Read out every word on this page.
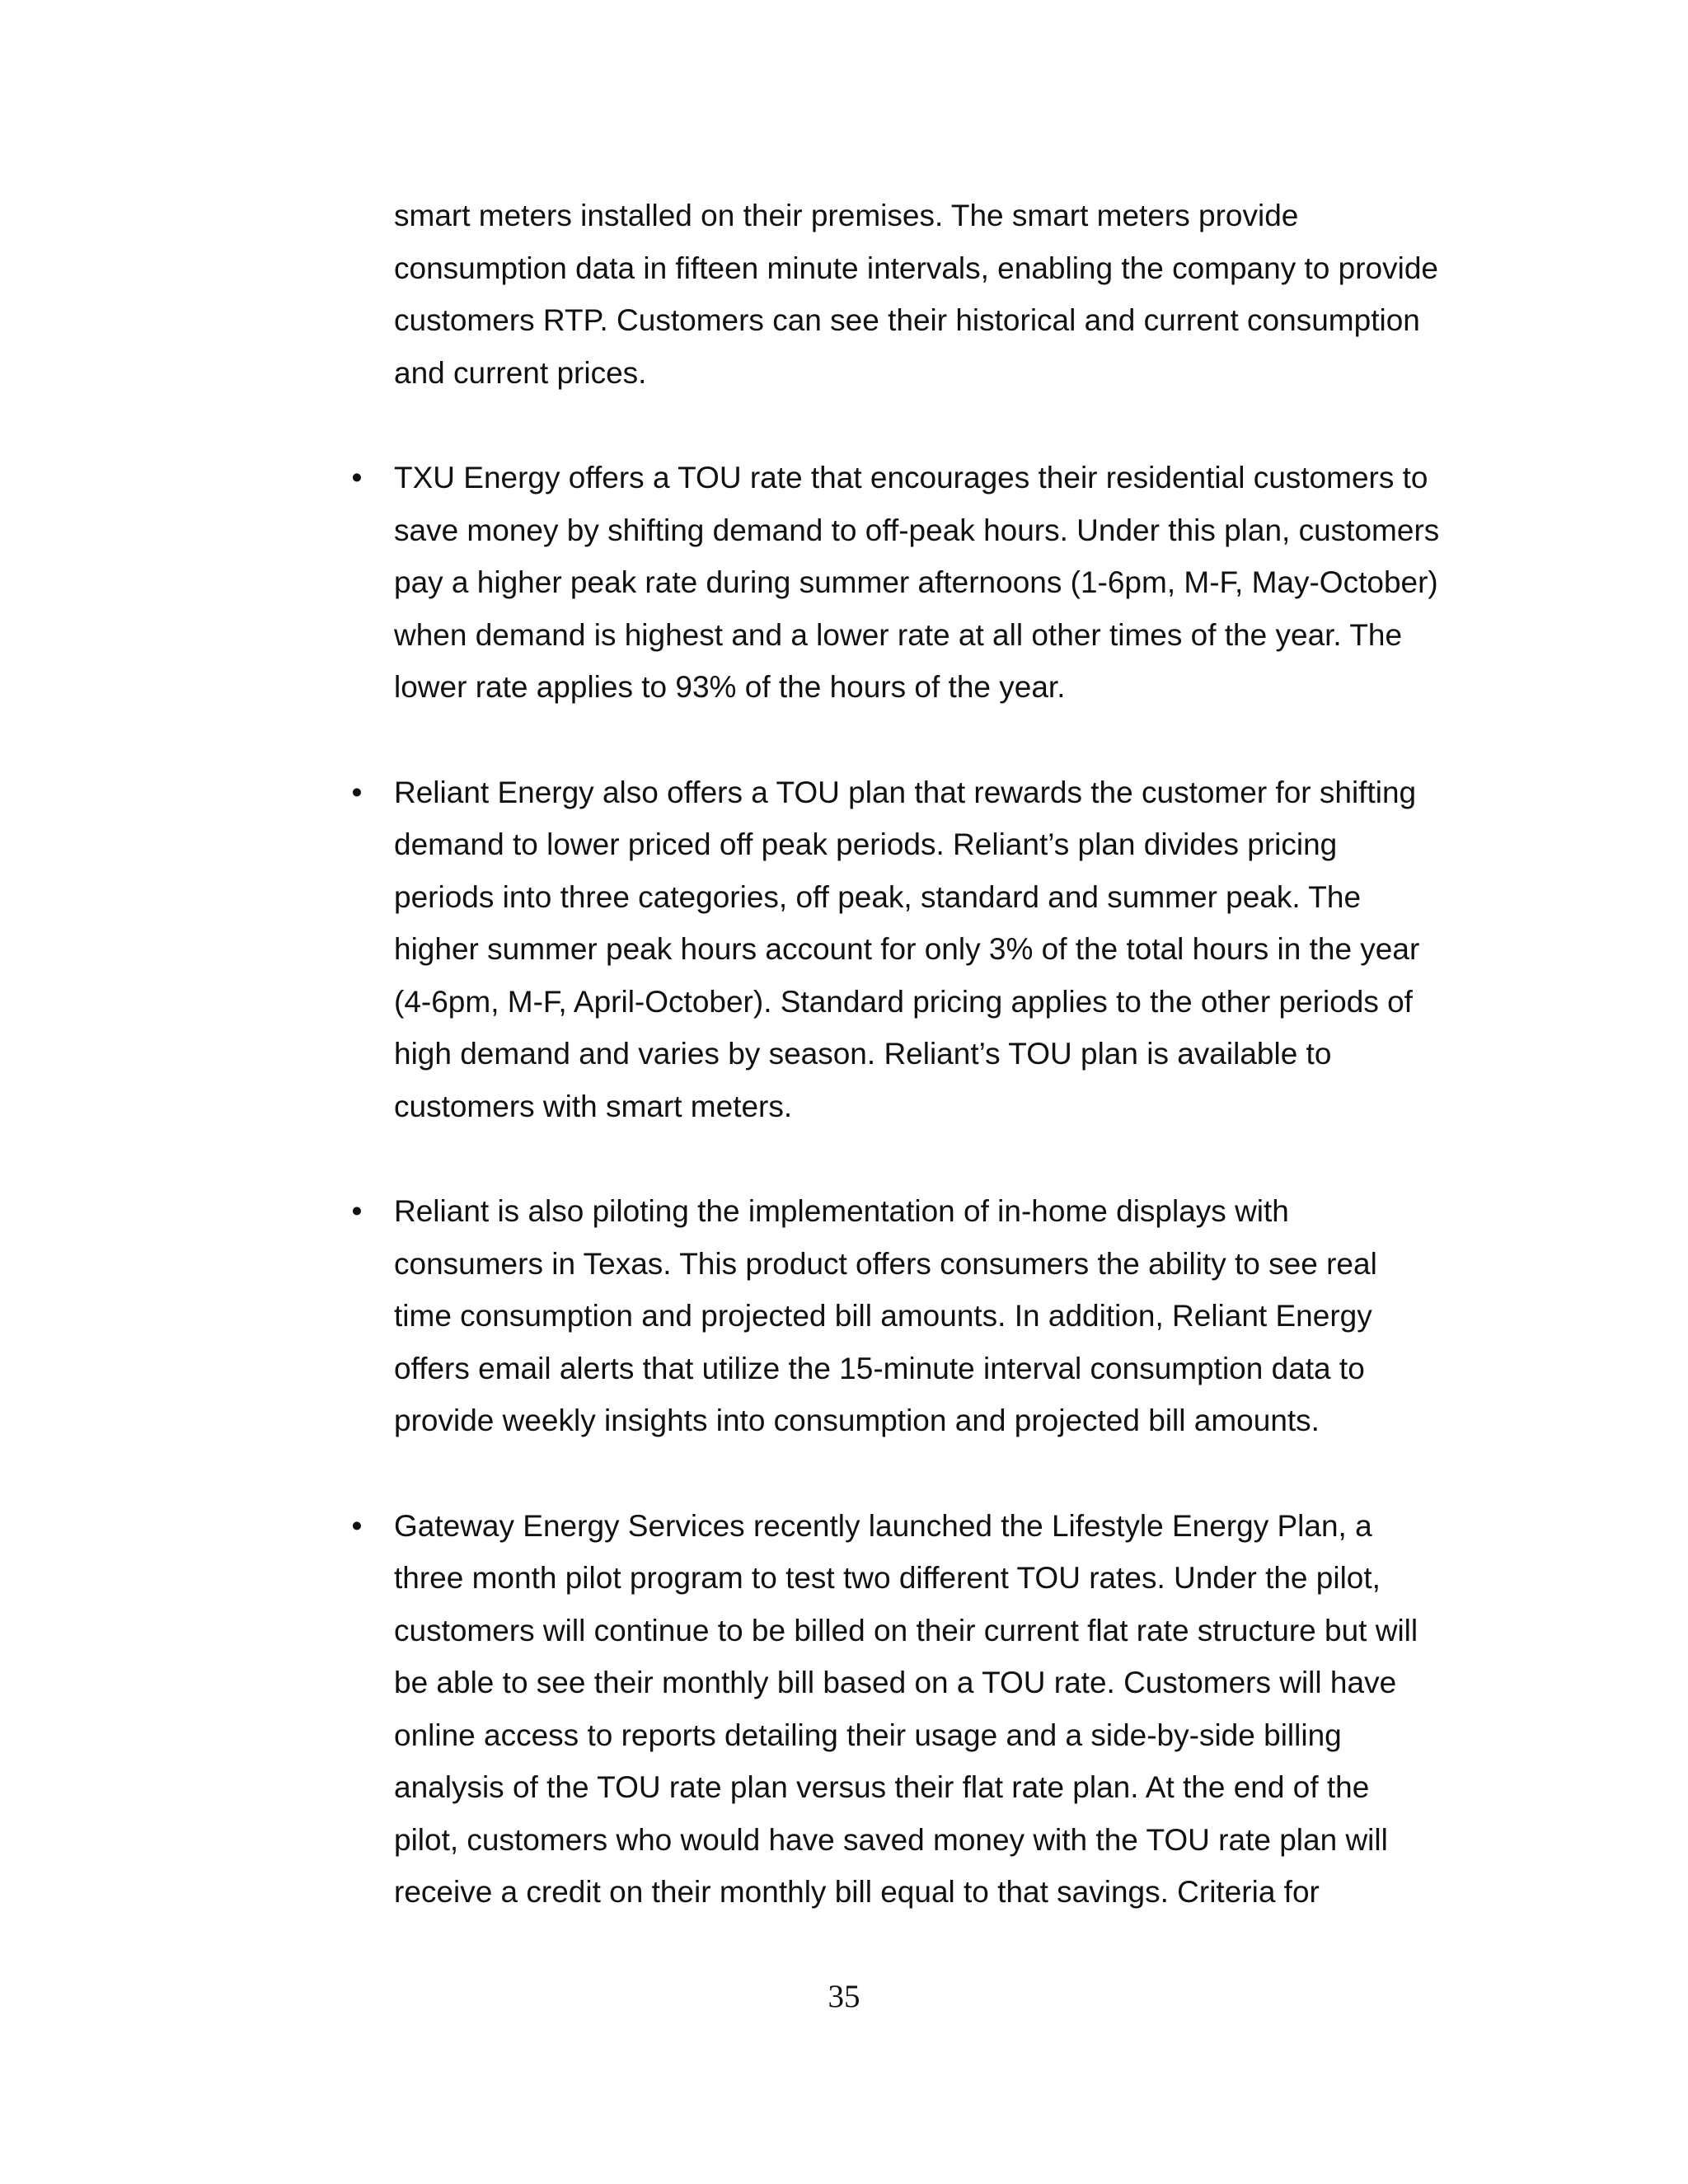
smart meters installed on their premises. The smart meters provide
consumption data in fifteen minute intervals, enabling the company to provide
customers RTP. Customers can see their historical and current consumption
and current prices.
• TXU Energy offers a TOU rate that encourages their residential customers to
save money by shifting demand to off-peak hours. Under this plan, customers
pay a higher peak rate during summer afternoons (1-6pm, M-F, May-October)
when demand is highest and a lower rate at all other times of the year. The
lower rate applies to 93% of the hours of the year.
• Reliant Energy also offers a TOU plan that rewards the customer for shifting
demand to lower priced off peak periods. Reliant’s plan divides pricing
periods into three categories, off peak, standard and summer peak. The
higher summer peak hours account for only 3% of the total hours in the year
(4-6pm, M-F, April-October). Standard pricing applies to the other periods of
high demand and varies by season. Reliant’s TOU plan is available to
customers with smart meters.
• Reliant is also piloting the implementation of in-home displays with
consumers in Texas. This product offers consumers the ability to see real
time consumption and projected bill amounts. In addition, Reliant Energy
offers email alerts that utilize the 15-minute interval consumption data to
provide weekly insights into consumption and projected bill amounts.
• Gateway Energy Services recently launched the Lifestyle Energy Plan, a
three month pilot program to test two different TOU rates. Under the pilot,
customers will continue to be billed on their current flat rate structure but will
be able to see their monthly bill based on a TOU rate. Customers will have
online access to reports detailing their usage and a side-by-side billing
analysis of the TOU rate plan versus their flat rate plan. At the end of the
pilot, customers who would have saved money with the TOU rate plan will
receive a credit on their monthly bill equal to that savings. Criteria for
35
